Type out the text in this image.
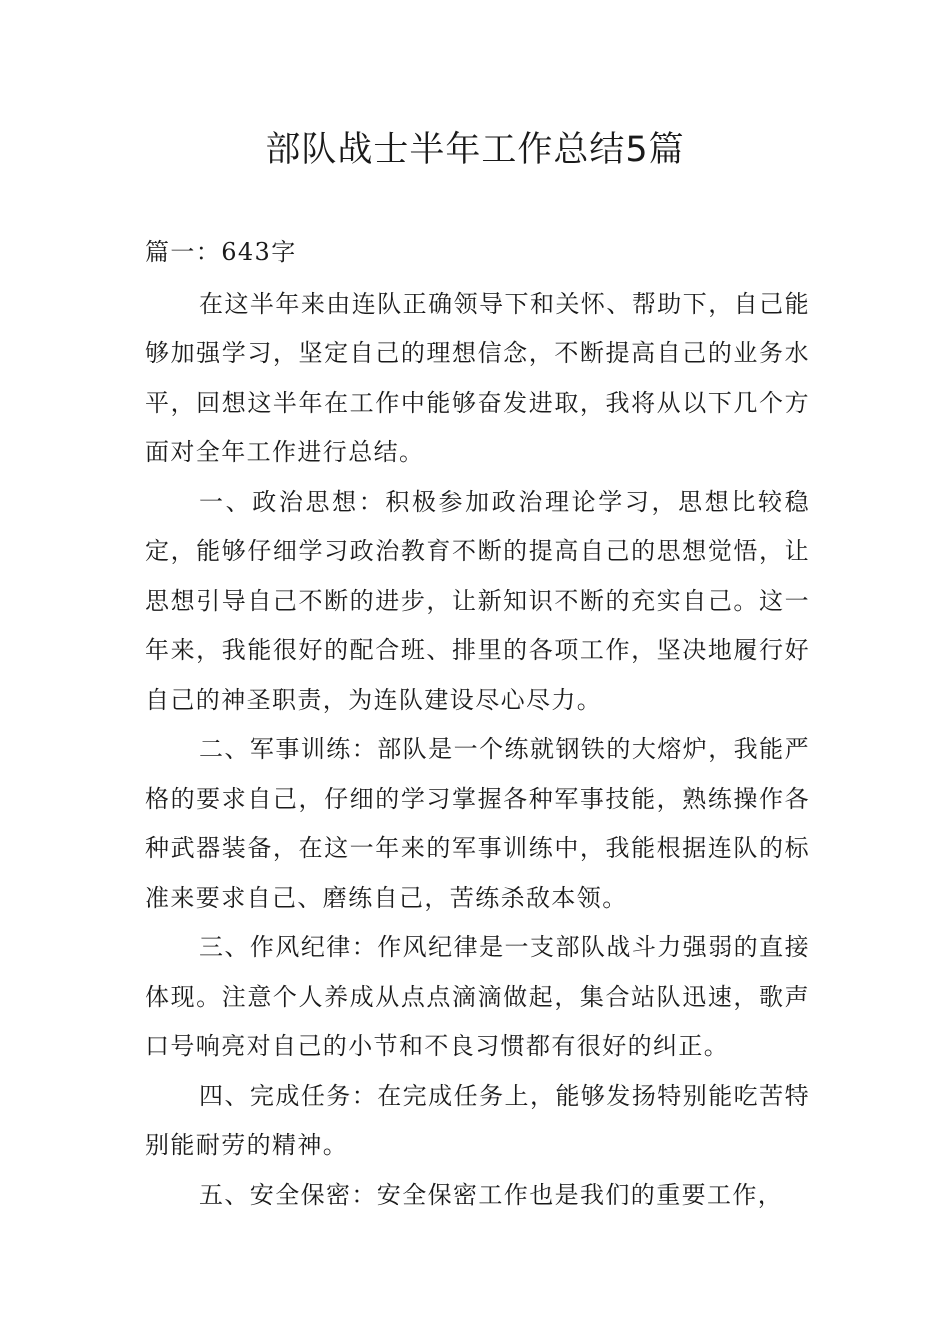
部队战士半年工作总结5篇

篇一：643字

在这半年来由连队正确领导下和关怀、帮助下，自己能够加强学习，坚定自己的理想信念，不断提高自己的业务水平，回想这半年在工作中能够奋发进取，我将从以下几个方面对全年工作进行总结。

一、政治思想：积极参加政治理论学习，思想比较稳定，能够仔细学习政治教育不断的提高自己的思想觉悟，让思想引导自己不断的进步，让新知识不断的充实自己。这一年来，我能很好的配合班、排里的各项工作，坚决地履行好自己的神圣职责，为连队建设尽心尽力。

二、军事训练：部队是一个练就钢铁的大熔炉，我能严格的要求自己，仔细的学习掌握各种军事技能，熟练操作各种武器装备，在这一年来的军事训练中，我能根据连队的标准来要求自己、磨练自己，苦练杀敌本领。

三、作风纪律：作风纪律是一支部队战斗力强弱的直接体现。注意个人养成从点点滴滴做起，集合站队迅速，歌声口号响亮对自己的小节和不良习惯都有很好的纠正。

四、完成任务：在完成任务上，能够发扬特别能吃苦特别能耐劳的精神。

五、安全保密：安全保密工作也是我们的重要工作，
